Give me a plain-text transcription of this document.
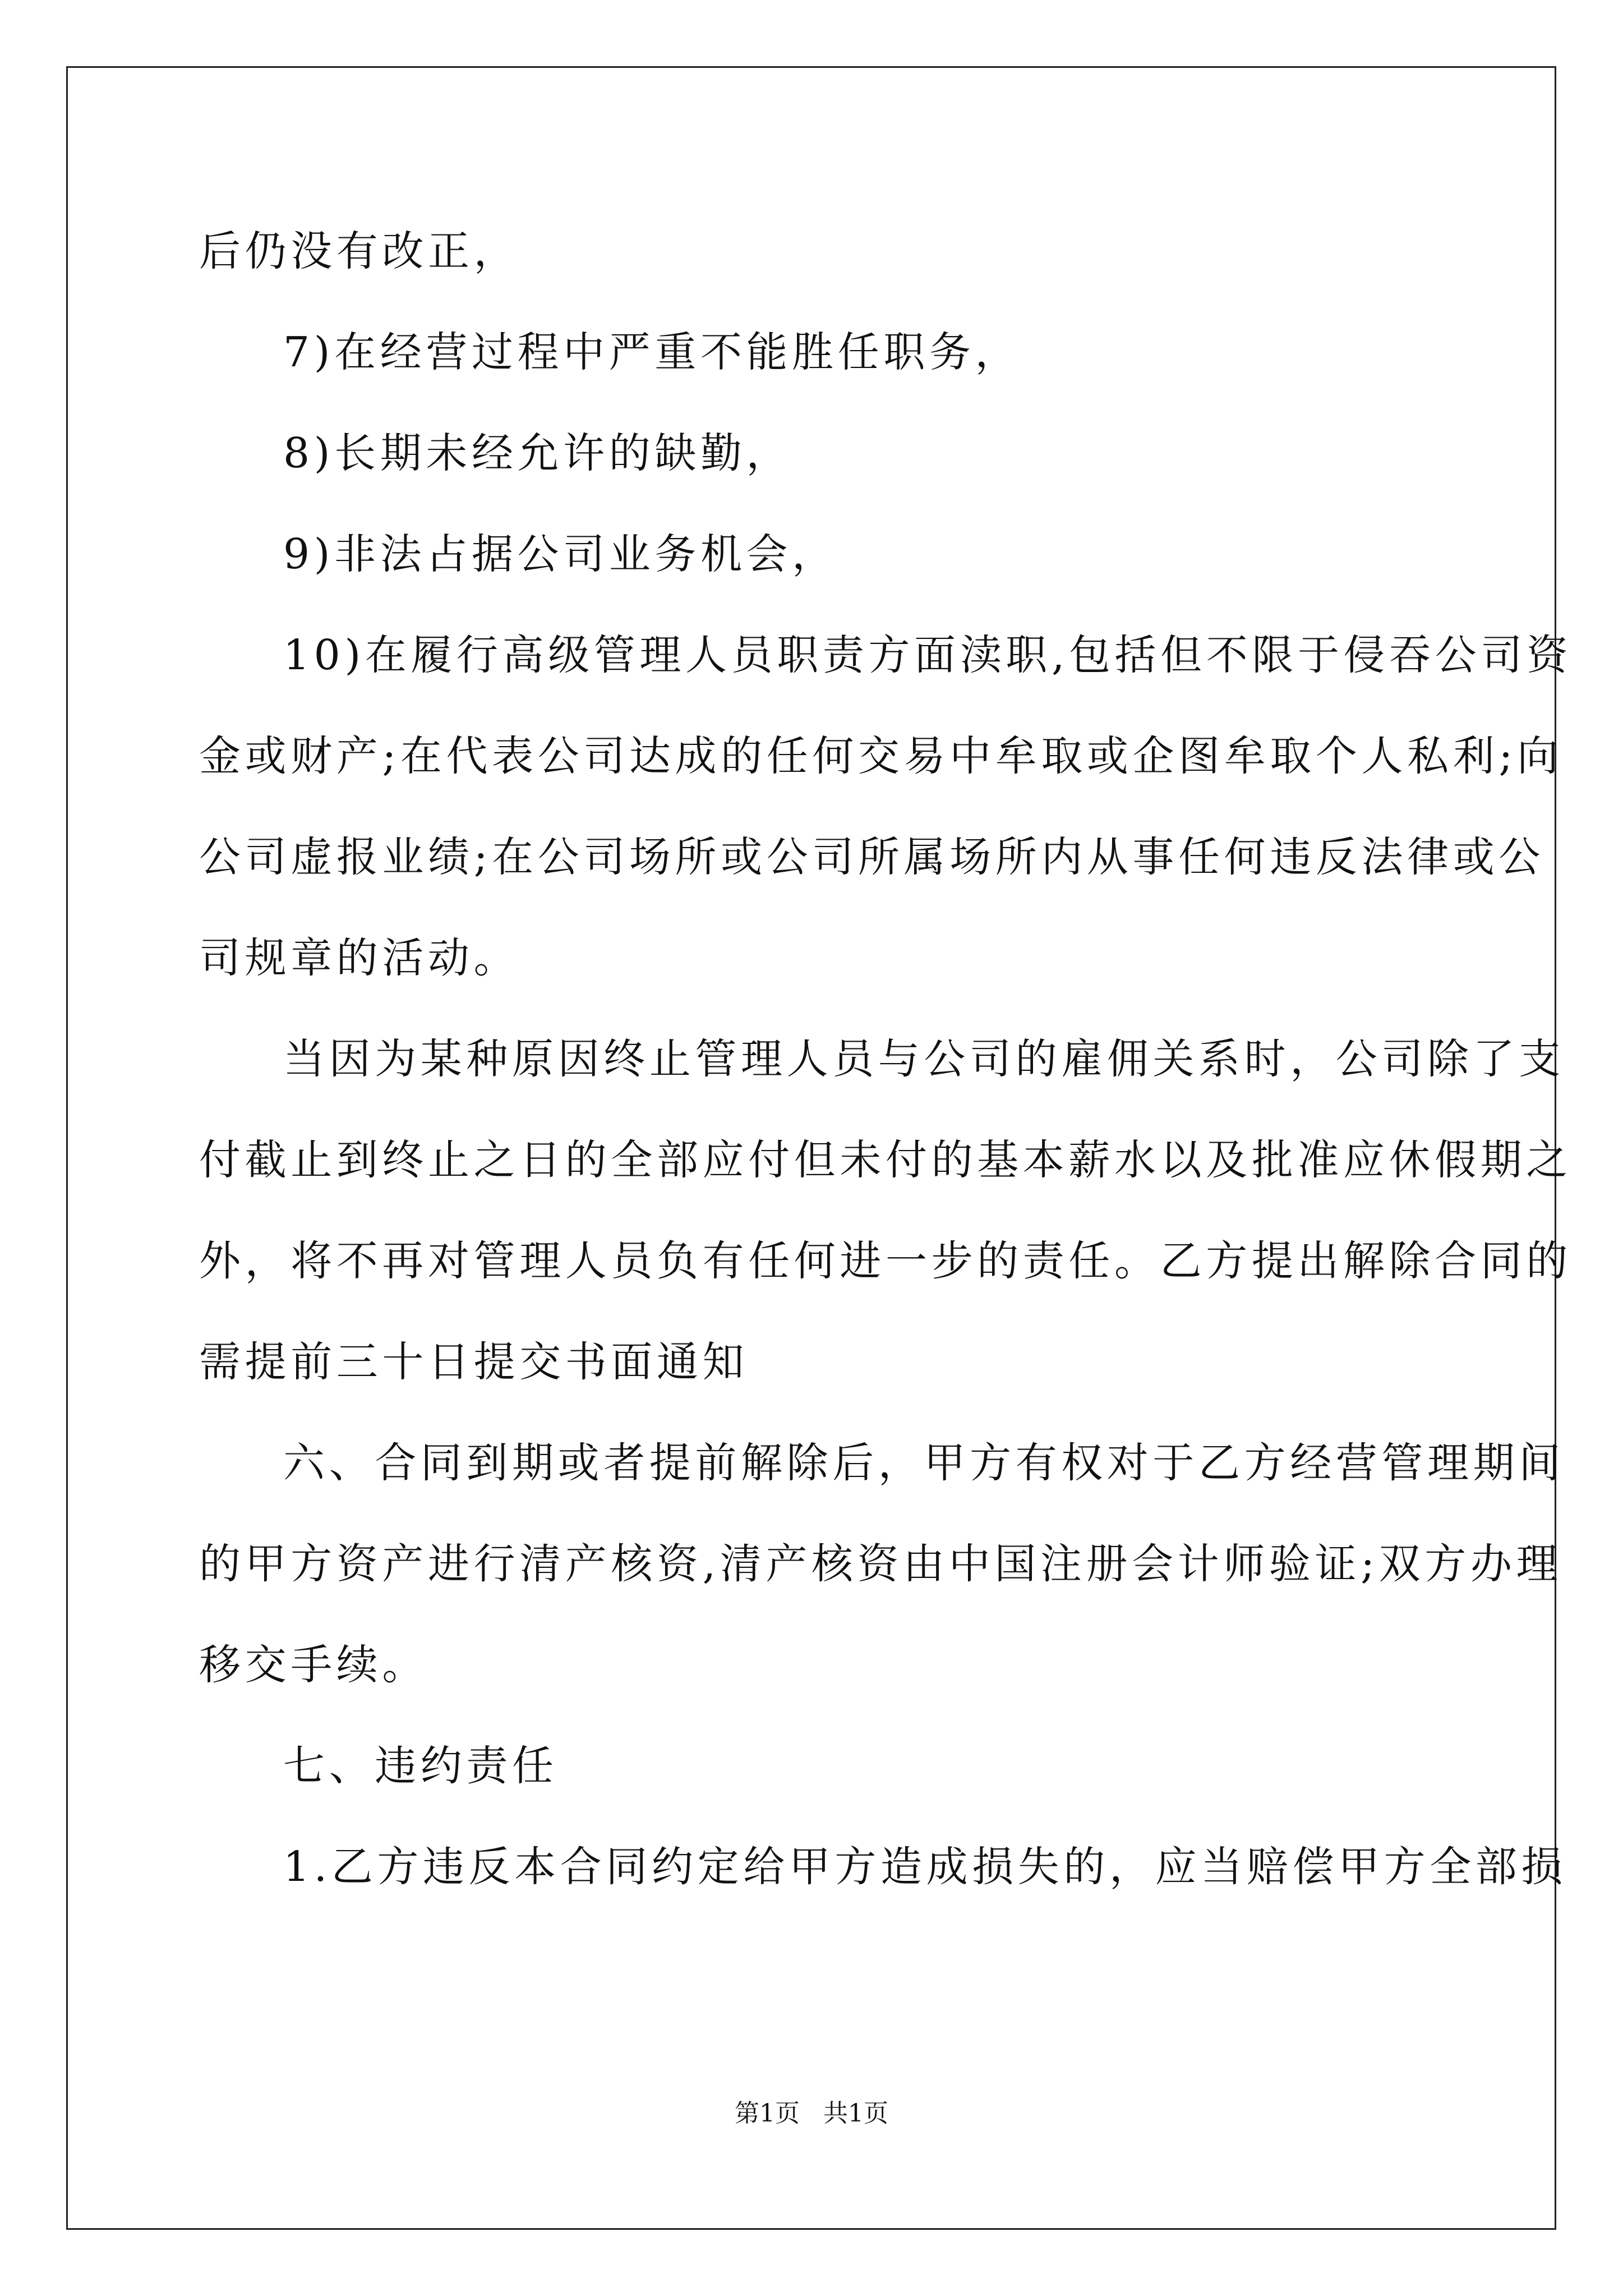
后仍没有改正，
7)在经营过程中严重不能胜任职务，
8)长期未经允许的缺勤，
9)非法占据公司业务机会，
10)在履行高级管理人员职责方面渎职,包括但不限于侵吞公司资
金或财产;在代表公司达成的任何交易中牟取或企图牟取个人私利;向
公司虚报业绩;在公司场所或公司所属场所内从事任何违反法律或公
司规章的活动。
当因为某种原因终止管理人员与公司的雇佣关系时，公司除了支
付截止到终止之日的全部应付但未付的基本薪水以及批准应休假期之
外，将不再对管理人员负有任何进一步的责任。乙方提出解除合同的
需提前三十日提交书面通知
六、合同到期或者提前解除后，甲方有权对于乙方经营管理期间
的甲方资产进行清产核资,清产核资由中国注册会计师验证;双方办理
移交手续。
七、违约责任
1.乙方违反本合同约定给甲方造成损失的，应当赔偿甲方全部损
第1页 共1页
